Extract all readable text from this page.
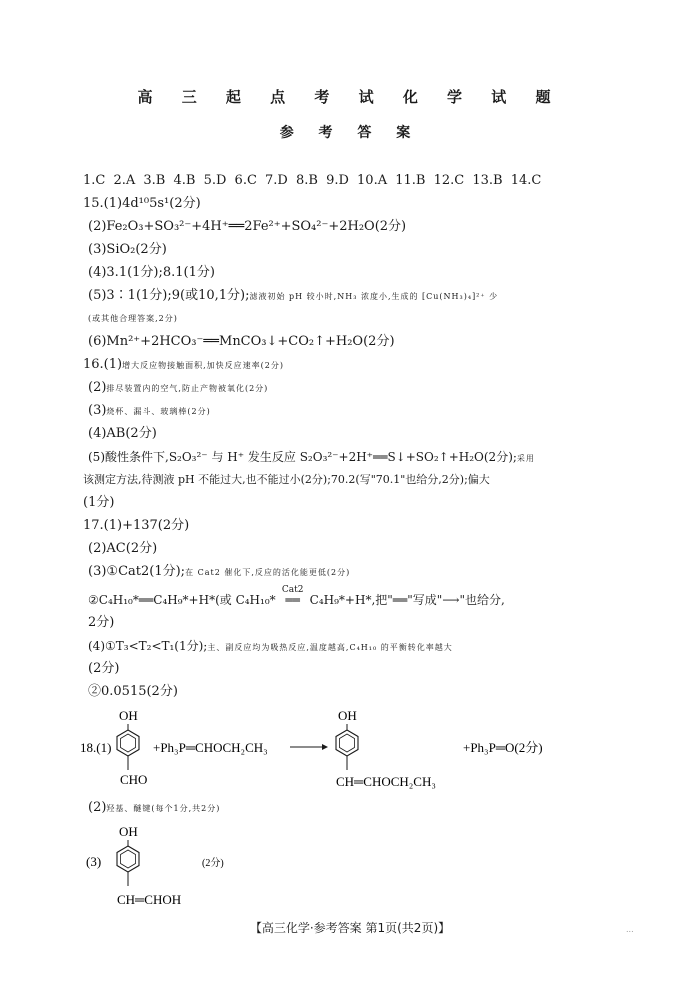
高 三 起 点 考 试 化 学 试 题
参 考 答 案
1.C 2.A 3.B 4.B 5.D 6.C 7.D 8.B 9.D 10.A 11.B 12.C 13.B 14.C
15.(1)4d¹⁰5s¹(2分)
(2)Fe₂O₃+SO₃²⁻+4H⁺══2Fe²⁺+SO₄²⁻+2H₂O(2分)
(3)SiO₂(2分)
(4)3.1(1分);8.1(1分)
(5)3∶1(1分);9(或10,1分);滤液初始 pH 较小时,NH₃ 浓度小,生成的 [Cu(NH₃)₄]²⁺ 少
(或其他合理答案,2分)
(6)Mn²⁺+2HCO₃⁻══MnCO₃↓+CO₂↑+H₂O(2分)
16.(1)增大反应物接触面积,加快反应速率(2分)
(2)排尽装置内的空气,防止产物被氧化(2分)
(3)烧杯、漏斗、玻璃棒(2分)
(4)AB(2分)
(5)酸性条件下,S₂O₃²⁻ 与 H⁺ 发生反应 S₂O₃²⁻+2H⁺══S↓+SO₂↑+H₂O(2分);采用
该测定方法,待测液 pH 不能过大,也不能过小(2分);70.2(写"70.1"也给分,2分);偏大
(1分)
17.(1)+137(2分)
(2)AC(2分)
(3)①Cat2(1分);在 Cat2 催化下,反应的活化能更低(2分)
②C₄H₁₀*══C₄H₉*+H*(或 C₄H₁₀*
Cat2
══ C₄H₉*+H*,把"══"写成"⟶"也给分,
2分)
(4)①T₃<T₂<T₁(1分);主、副反应均为吸热反应,温度越高,C₄H₁₀ 的平衡转化率越大
(2分)
②0.0515(2分)
OH
CHO
18.(1)	+Ph₃P═CHOCH₂CH₃
OH
CH═CHOCH₂CH₃
+Ph₃P═O(2分)
(2)羟基、醚键(每个1分,共2分)
OH
CH═CHOH
(3)	(2分)
【高三化学·参考答案 第1页(共2页)】	...
